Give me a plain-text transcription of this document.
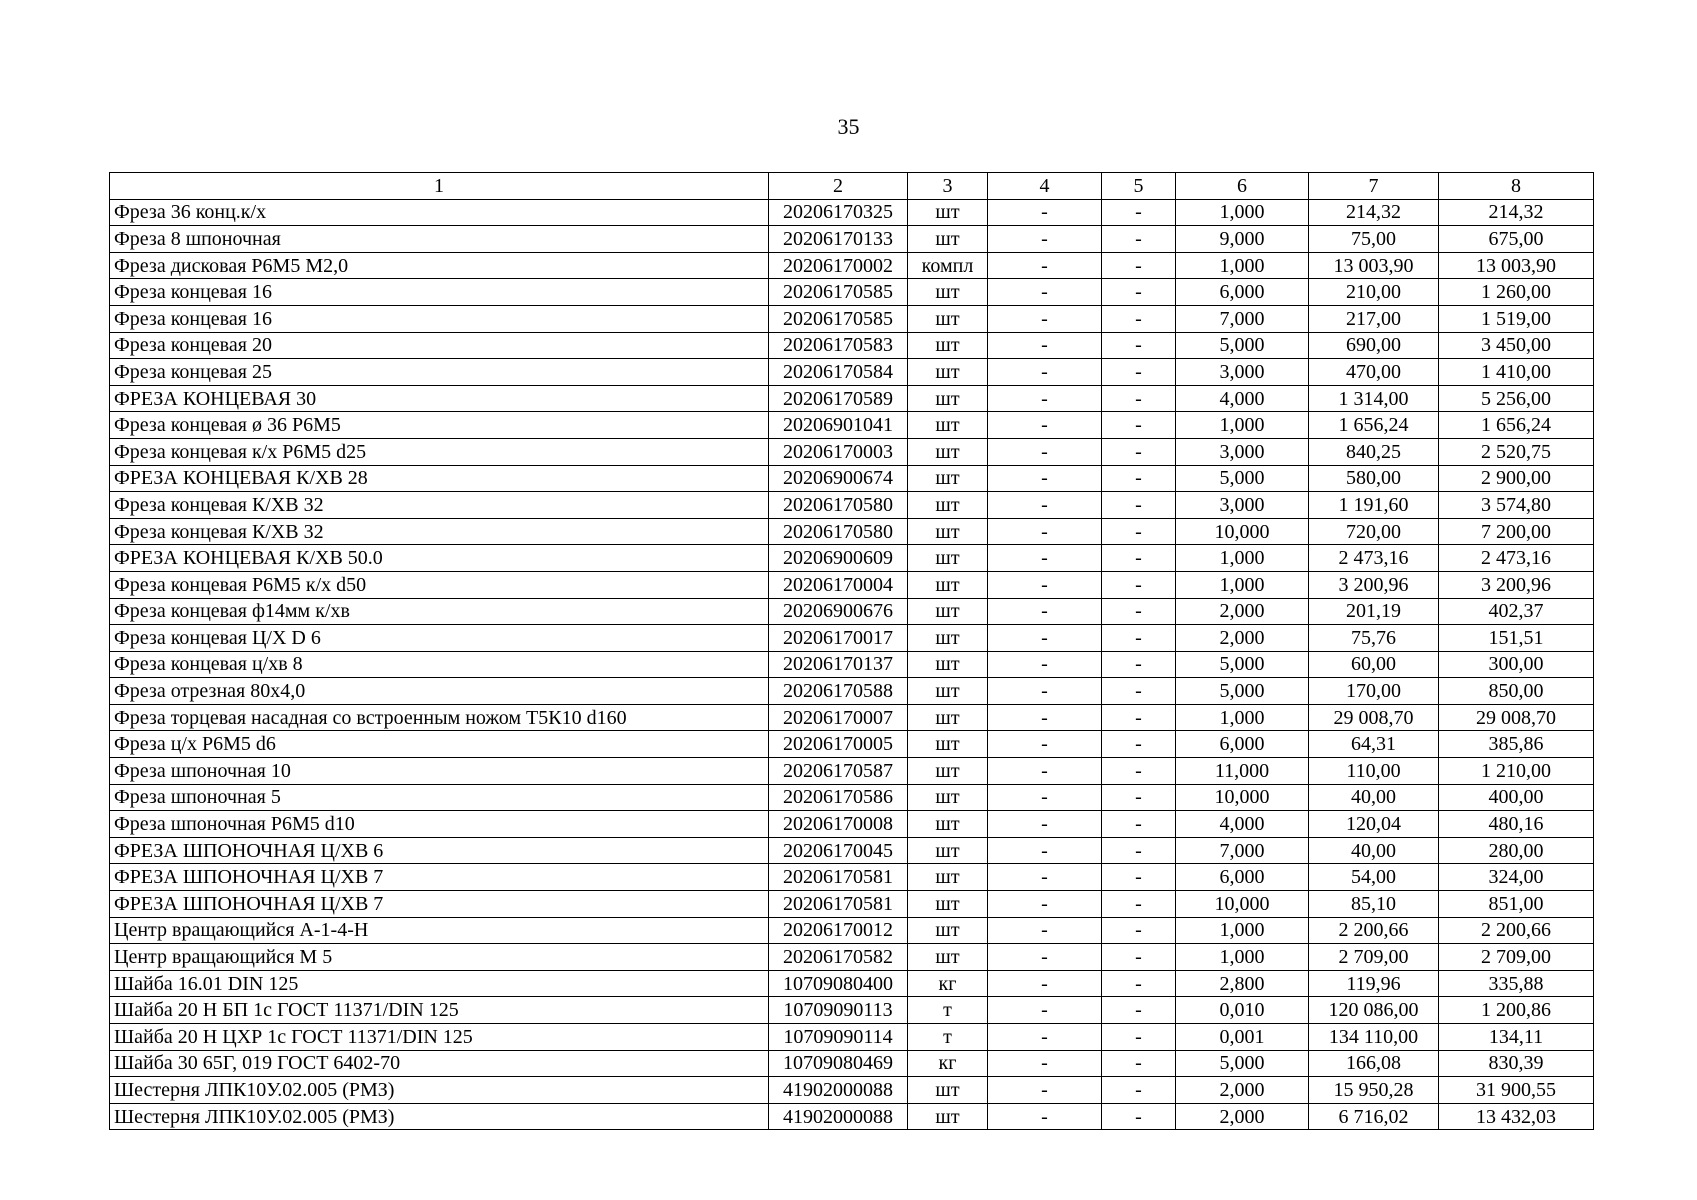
35
1	2	3	4	5	6	7	8
Фреза 36 конц.к/х	20206170325	шт	-	-	1,000	214,32	214,32
Фреза 8 шпоночная	20206170133	шт	-	-	9,000	75,00	675,00
Фреза дисковая Р6М5 М2,0	20206170002	компл	-	-	1,000	13 003,90	13 003,90
Фреза концевая 16	20206170585	шт	-	-	6,000	210,00	1 260,00
Фреза концевая 16	20206170585	шт	-	-	7,000	217,00	1 519,00
Фреза концевая 20	20206170583	шт	-	-	5,000	690,00	3 450,00
Фреза концевая 25	20206170584	шт	-	-	3,000	470,00	1 410,00
ФРЕЗА КОНЦЕВАЯ 30	20206170589	шт	-	-	4,000	1 314,00	5 256,00
Фреза концевая ø 36 Р6М5	20206901041	шт	-	-	1,000	1 656,24	1 656,24
Фреза концевая к/х Р6М5 d25	20206170003	шт	-	-	3,000	840,25	2 520,75
ФРЕЗА КОНЦЕВАЯ К/ХВ 28	20206900674	шт	-	-	5,000	580,00	2 900,00
Фреза концевая К/ХВ 32	20206170580	шт	-	-	3,000	1 191,60	3 574,80
Фреза концевая К/ХВ 32	20206170580	шт	-	-	10,000	720,00	7 200,00
ФРЕЗА КОНЦЕВАЯ К/ХВ 50.0	20206900609	шт	-	-	1,000	2 473,16	2 473,16
Фреза концевая Р6М5 к/х d50	20206170004	шт	-	-	1,000	3 200,96	3 200,96
Фреза концевая ф14мм к/хв	20206900676	шт	-	-	2,000	201,19	402,37
Фреза концевая Ц/Х D 6	20206170017	шт	-	-	2,000	75,76	151,51
Фреза концевая ц/хв 8	20206170137	шт	-	-	5,000	60,00	300,00
Фреза отрезная 80х4,0	20206170588	шт	-	-	5,000	170,00	850,00
Фреза торцевая насадная со встроенным ножом Т5К10 d160	20206170007	шт	-	-	1,000	29 008,70	29 008,70
Фреза ц/х Р6М5 d6	20206170005	шт	-	-	6,000	64,31	385,86
Фреза шпоночная 10	20206170587	шт	-	-	11,000	110,00	1 210,00
Фреза шпоночная 5	20206170586	шт	-	-	10,000	40,00	400,00
Фреза шпоночная Р6М5 d10	20206170008	шт	-	-	4,000	120,04	480,16
ФРЕЗА ШПОНОЧНАЯ Ц/ХВ 6	20206170045	шт	-	-	7,000	40,00	280,00
ФРЕЗА ШПОНОЧНАЯ Ц/ХВ 7	20206170581	шт	-	-	6,000	54,00	324,00
ФРЕЗА ШПОНОЧНАЯ Ц/ХВ 7	20206170581	шт	-	-	10,000	85,10	851,00
Центр вращающийся А-1-4-Н	20206170012	шт	-	-	1,000	2 200,66	2 200,66
Центр вращающийся М 5	20206170582	шт	-	-	1,000	2 709,00	2 709,00
Шайба 16.01 DIN 125	10709080400	кг	-	-	2,800	119,96	335,88
Шайба 20 Н БП 1с ГОСТ 11371/DIN 125	10709090113	т	-	-	0,010	120 086,00	1 200,86
Шайба 20 Н ЦХР 1с ГОСТ 11371/DIN 125	10709090114	т	-	-	0,001	134 110,00	134,11
Шайба 30 65Г, 019 ГОСТ 6402-70	10709080469	кг	-	-	5,000	166,08	830,39
Шестерня ЛПК10У.02.005 (РМЗ)	41902000088	шт	-	-	2,000	15 950,28	31 900,55
Шестерня ЛПК10У.02.005 (РМЗ)	41902000088	шт	-	-	2,000	6 716,02	13 432,03
